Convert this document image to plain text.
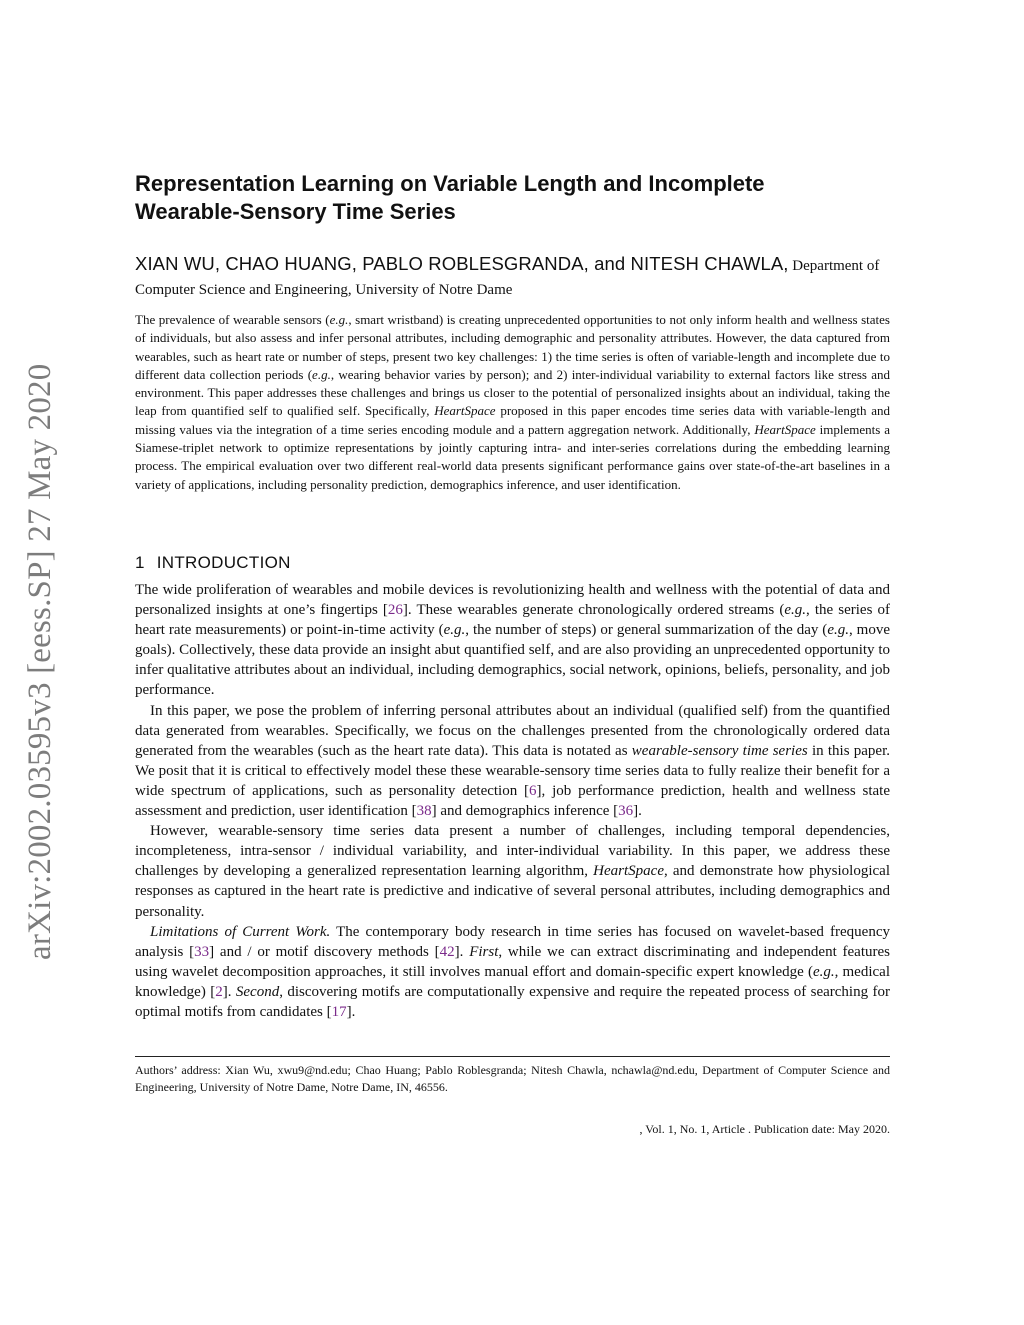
arXiv:2002.03595v3 [eess.SP] 27 May 2020
Representation Learning on Variable Length and Incomplete
Wearable-Sensory Time Series
XIAN WU, CHAO HUANG, PABLO ROBLESGRANDA, and NITESH CHAWLA, Department of Computer Science and Engineering, University of Notre Dame

The prevalence of wearable sensors (e.g., smart wristband) is creating unprecedented opportunities to not only inform health and wellness states of individuals, but also assess and infer personal attributes, including demographic and personality attributes. However, the data captured from wearables, such as heart rate or number of steps, present two key challenges: 1) the time series is often of variable-length and incomplete due to different data collection periods (e.g., wearing behavior varies by person); and 2) inter-individual variability to external factors like stress and environment. This paper addresses these challenges and brings us closer to the potential of personalized insights about an individual, taking the leap from quantified self to qualified self. Specifically, HeartSpace proposed in this paper encodes time series data with variable-length and missing values via the integration of a time series encoding module and a pattern aggregation network. Additionally, HeartSpace implements a Siamese-triplet network to optimize representations by jointly capturing intra- and inter-series correlations during the embedding learning process. The empirical evaluation over two different real-world data presents significant performance gains over state-of-the-art baselines in a variety of applications, including personality prediction, demographics inference, and user identification.

1 INTRODUCTION

The wide proliferation of wearables and mobile devices is revolutionizing health and wellness with the potential of data and personalized insights at one’s fingertips [26]. These wearables generate chronologically ordered streams (e.g., the series of heart rate measurements) or point-in-time activity (e.g., the number of steps) or general summarization of the day (e.g., move goals). Collectively, these data provide an insight abut quantified self, and are also providing an unprecedented opportunity to infer qualitative attributes about an individual, including demographics, social network, opinions, beliefs, personality, and job performance.

In this paper, we pose the problem of inferring personal attributes about an individual (qualified self) from the quantified data generated from wearables. Specifically, we focus on the challenges presented from the chronologically ordered data generated from the wearables (such as the heart rate data). This data is notated as wearable-sensory time series in this paper. We posit that it is critical to effectively model these these wearable-sensory time series data to fully realize their benefit for a wide spectrum of applications, such as personality detection [6], job performance prediction, health and wellness state assessment and prediction, user identification [38] and demographics inference [36].

However, wearable-sensory time series data present a number of challenges, including temporal dependencies, incompleteness, intra-sensor / individual variability, and inter-individual variability. In this paper, we address these challenges by developing a generalized representation learning algorithm, HeartSpace, and demonstrate how physiological responses as captured in the heart rate is predictive and indicative of several personal attributes, including demographics and personality.

Limitations of Current Work. The contemporary body research in time series has focused on wavelet-based frequency analysis [33] and / or motif discovery methods [42]. First, while we can extract discriminating and independent features using wavelet decomposition approaches, it still involves manual effort and domain-specific expert knowledge (e.g., medical knowledge) [2]. Second, discovering motifs are computationally expensive and require the repeated process of searching for optimal motifs from candidates [17].

Authors’ address: Xian Wu, xwu9@nd.edu; Chao Huang; Pablo Roblesgranda; Nitesh Chawla, nchawla@nd.edu, Department of Computer Science and Engineering, University of Notre Dame, Notre Dame, IN, 46556.
, Vol. 1, No. 1, Article . Publication date: May 2020.
